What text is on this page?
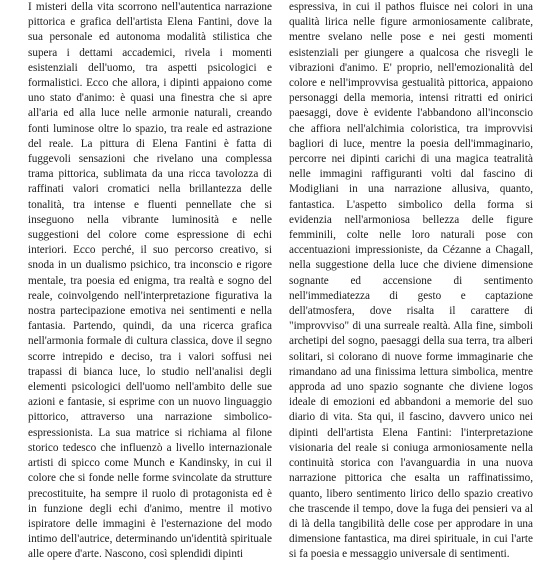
I misteri della vita scorrono nell'autentica narrazione pittorica e grafica dell'artista Elena Fantini, dove la sua personale ed autonoma modalità stilistica che supera i dettami accademici, rivela i momenti esistenziali dell'uomo, tra aspetti psicologici e formalistici. Ecco che allora, i dipinti appaiono come uno stato d'animo: è quasi una finestra che si apre all'aria ed alla luce nelle armonie naturali, creando fonti luminose oltre lo spazio, tra reale ed astrazione del reale. La pittura di Elena Fantini è fatta di fuggevoli sensazioni che rivelano una complessa trama pittorica, sublimata da una ricca tavolozza di raffinati valori cromatici nella brillantezza delle tonalità, tra intense e fluenti pennellate che si inseguono nella vibrante luminosità e nelle suggestioni del colore come espressione di echi interiori. Ecco perché, il suo percorso creativo, si snoda in un dualismo psichico, tra inconscio e rigore mentale, tra poesia ed enigma, tra realtà e sogno del reale, coinvolgendo nell'interpretazione figurativa la nostra partecipazione emotiva nei sentimenti e nella fantasia. Partendo, quindi, da una ricerca grafica nell'armonia formale di cultura classica, dove il segno scorre intrepido e deciso, tra i valori soffusi nei trapassi di bianca luce, lo studio nell'analisi degli elementi psicologici dell'uomo nell'ambito delle sue azioni e fantasie, si esprime con un nuovo linguaggio pittorico, attraverso una narrazione simbolico-espressionista. La sua matrice si richiama al filone storico tedesco che influenzò a livello internazionale artisti di spicco come Munch e Kandinsky, in cui il colore che si fonde nelle forme svincolate da strutture precostituite, ha sempre il ruolo di protagonista ed è in funzione degli echi d'animo, mentre il motivo ispiratore delle immagini è l'esternazione del modo intimo dell'autrice, determinando un'identità spirituale alle opere d'arte. Nascono, così splendidi dipinti

espressiva, in cui il pathos fluisce nei colori in una qualità lirica nelle figure armoniosamente calibrate, mentre svelano nelle pose e nei gesti momenti esistenziali per giungere a qualcosa che risvegli le vibrazioni d'animo. E' proprio, nell'emozionalità del colore e nell'improvvisa gestualità pittorica, appaiono personaggi della memoria, intensi ritratti ed onirici paesaggi, dove è evidente l'abbandono all'inconscio che affiora nell'alchimia coloristica, tra improvvisi bagliori di luce, mentre la poesia dell'immaginario, percorre nei dipinti carichi di una magica teatralità nelle immagini raffiguranti volti dal fascino di Modigliani in una narrazione allusiva, quanto, fantastica. L'aspetto simbolico della forma si evidenzia nell'armoniosa bellezza delle figure femminili, colte nelle loro naturali pose con accentuazioni impressioniste, da Cézanne a Chagall, nella suggestione della luce che diviene dimensione sognante ed accensione di sentimento nell'immediatezza di gesto e captazione dell'atmosfera, dove risalta il carattere di "improvviso" di una surreale realtà. Alla fine, simboli archetipi del sogno, paesaggi della sua terra, tra alberi solitari, si colorano di nuove forme immaginarie che rimandano ad una finissima lettura simbolica, mentre approda ad uno spazio sognante che diviene logos ideale di emozioni ed abbandoni a memorie del suo diario di vita. Sta qui, il fascino, davvero unico nei dipinti dell'artista Elena Fantini: l'interpretazione visionaria del reale si coniuga armoniosamente nella continuità storica con l'avanguardia in una nuova narrazione pittorica che esalta un raffinatissimo, quanto, libero sentimento lirico dello spazio creativo che trascende il tempo, dove la fuga dei pensieri va al di là della tangibilità delle cose per approdare in una dimensione fantastica, ma direi spirituale, in cui l'arte si fa poesia e messaggio universale di sentimenti.
